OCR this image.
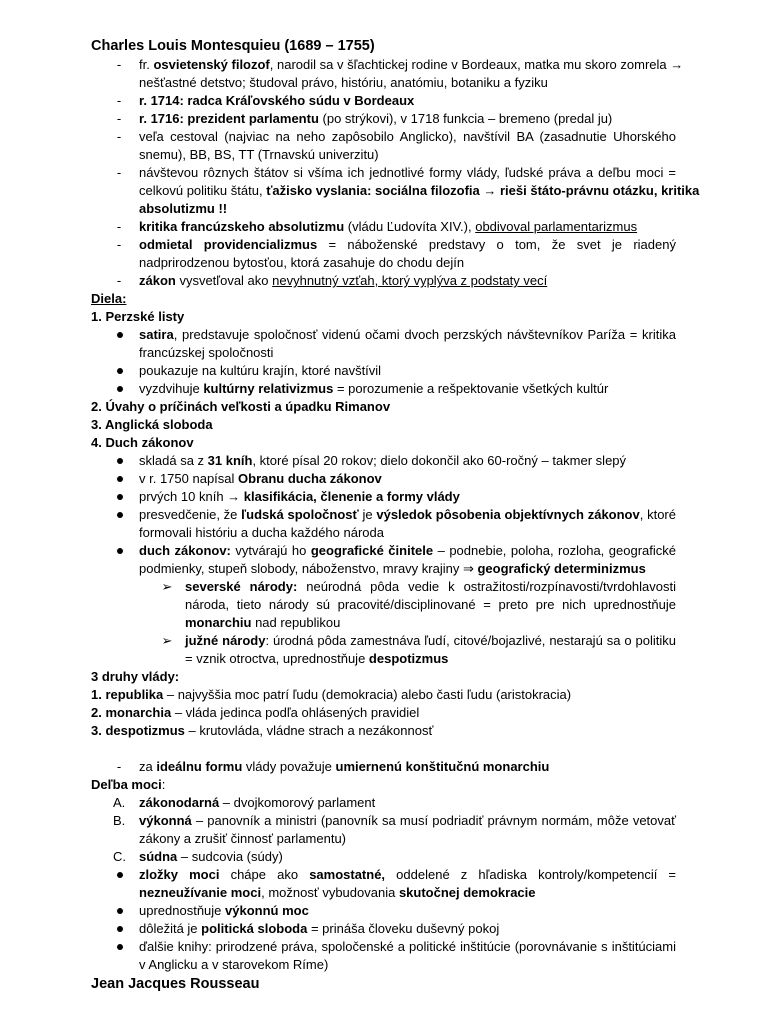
Charles Louis Montesquieu (1689 – 1755)
-	fr. osvietenský filozof, narodil sa v šľachtickej rodine v Bordeaux, matka mu skoro zomrela →
nešťastné detstvo; študoval právo, históriu, anatómiu, botaniku a fyziku
-	r. 1714: radca Kráľovského súdu v Bordeaux
-	r. 1716: prezident parlamentu (po strýkovi), v 1718 funkcia – bremeno (predal ju)
-	veľa cestoval (najviac na neho zapôsobilo Anglicko), navštívil BA (zasadnutie Uhorského
snemu), BB, BS, TT (Trnavskú univerzitu)
-	návštevou rôznych štátov si všíma ich jednotlivé formy vlády, ľudské práva a deľbu moci =
celkovú politiku štátu, ťažisko vyslania: sociálna filozofia → rieši štáto-právnu otázku, kritika
absolutizmu !!
-	kritika francúzskeho absolutizmu (vládu Ľudovíta XIV.), obdivoval parlamentarizmus
-	odmietal providencializmus = náboženské predstavy o tom, že svet je riadený
nadprirodzenou bytosťou, ktorá zasahuje do chodu dejín
-	zákon vysvetľoval ako nevyhnutný vzťah, ktorý vyplýva z podstaty vecí
Diela:
1. Perzské listy
satira, predstavuje spoločnosť videnú očami dvoch perzských návštevníkov Paríža = kritika
francúzskej spoločnosti
poukazuje na kultúru krajín, ktoré navštívil
vyzdvihuje kultúrny relativizmus = porozumenie a rešpektovanie všetkých kultúr
2. Úvahy o príčinách veľkosti a úpadku Rimanov
3. Anglická sloboda
4. Duch zákonov
skladá sa z 31 kníh, ktoré písal 20 rokov; dielo dokončil ako 60-ročný – takmer slepý
v r. 1750 napísal Obranu ducha zákonov
prvých 10 kníh → klasifikácia, členenie a formy vlády
presvedčenie, že ľudská spoločnosť je výsledok pôsobenia objektívnych zákonov, ktoré
formovali históriu a ducha každého národa
duch zákonov: vytvárajú ho geografické činitele – podnebie, poloha, rozloha, geografické
podmienky, stupeň slobody, náboženstvo, mravy krajiny ⇒ geografický determinizmus
➢ severské národy: neúrodná pôda vedie k ostražitosti/rozpínavosti/tvrdohlavosti
národa, tieto národy sú pracovité/disciplinované = preto pre nich uprednostňuje
monarchiu nad republikou
➢ južné národy: úrodná pôda zamestnáva ľudí, citové/bojazlivé, nestarajú sa o politiku
= vznik otroctva, uprednostňuje despotizmus
3 druhy vlády:
1. republika – najvyššia moc patrí ľudu (demokracia) alebo časti ľudu (aristokracia)
2. monarchia – vláda jedinca podľa ohlásených pravidiel
3. despotizmus – krutovláda, vládne strach a nezákonnosť
-	za ideálnu formu vlády považuje umiernenú konštitučnú monarchiu
Deľba moci:
A. zákonodarná – dvojkomorový parlament
B. výkonná – panovník a ministri (panovník sa musí podriadiť právnym normám, môže vetovať
zákony a zrušiť činnosť parlamentu)
C. súdna – sudcovia (súdy)
zložky moci chápe ako samostatné, oddelené z hľadiska kontroly/kompetencií =
nezneužívanie moci, možnosť vybudovania skutočnej demokracie
uprednostňuje výkonnú moc
dôležitá je politická sloboda = prináša človeku duševný pokoj
ďalšie knihy: prirodzené práva, spoločenské a politické inštitúcie (porovnávanie s inštitúciami
v Anglicku a v starovekom Ríme)
Jean Jacques Rousseau
